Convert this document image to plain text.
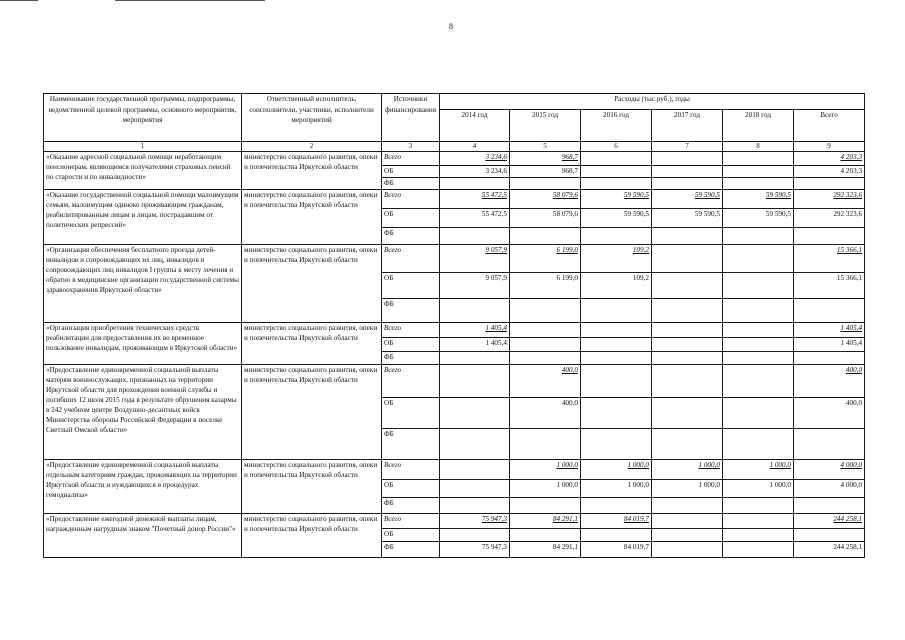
8
Наименование государственной программы, подпрограммы, ведомственной целевой программы, основного мероприятия, мероприятия	Ответственный исполнитель, соисполнители, участники, исполнители мероприятий	Источники финансирования	Расходы (тыс.руб.), годы					
			2014 год	2015 год	2016 год	2017 год	2018 год	Всего
1	2	3	4	5	6	7	8	9
«Оказание адресной социальной помощи неработающим пенсионерам, являющимся получателями страховых пенсий по старости и по инвалидности»	министерство социального развития, опеки и попечительства Иркутской области	Всего	3 234,6	968,7				4 203,3
		ОБ	3 234,6	968,7				4 203,3
		ФБ						
«Оказание государственной социальной помощи малоимущим семьям, малоимущим одиноко проживающим гражданам, реабилитированным лицам и лицам, пострадавшим от политических репрессий»	министерство социального развития, опеки и попечительства Иркутской области	Всего	55 472,5	58 079,6	59 590,5	59 590,5	59 590,5	292 323,6
		ОБ	55 472,5	58 079,6	59 590,5	59 590,5	59 590,5	292 323,6
		ФБ						
«Организация обеспечения бесплатного проезда детей-инвалидов и сопровождающих их лиц, инвалидов и сопровождающих лиц инвалидов I группы к месту лечения и обратно в медицинские организации государственной системы здравоохранения Иркутской области»	министерство социального развития, опеки и попечительства Иркутской области	Всего	9 057,9	6 199,0	109,2			15 366,1
		ОБ	9 057,9	6 199,0	109,2			15 366,1
		ФБ						
«Организация приобретения технических средств реабилитации для предоставления их во временное пользование инвалидам, проживающим в Иркутской области»	министерство социального развития, опеки и попечительства Иркутской области	Всего	1 405,4					1 405,4
		ОБ	1 405,4					1 405,4
		ФБ						
«Предоставление единовременной социальной выплаты матерям военнослужащих, признанных на территории Иркутской области для прохождения военной службы и погибших 12 июля 2015 года в результате обрушения казармы в 242 учебном центре Воздушно-десантных войск Министерства обороны Российской Федерации в поселке Светлый Омской области»	министерство социального развития, опеки и попечительства Иркутской области	Всего		400,0				400,0
		ОБ		400,0				400,0
		ФБ						
«Предоставление единовременной социальной выплаты отдельным категориям граждан, проживающих на территории Иркутской области и нуждающихся в процедурах гемодиализа»	министерство социального развития, опеки и попечительства Иркутской области	Всего		1 000,0	1 000,0	1 000,0	1 000,0	4 000,0
		ОБ		1 000,0	1 000,0	1 000,0	1 000,0	4 000,0
		ФБ						
«Предоставление ежегодной денежной выплаты лицам, награжденным нагрудным знаком "Почетный донор России"»	министерство социального развития, опеки и попечительства Иркутской области	Всего	75 947,3	84 291,1	84 019,7			244 258,1
		ОБ						
		ФБ	75 947,3	84 291,1	84 019,7			244 258,1
